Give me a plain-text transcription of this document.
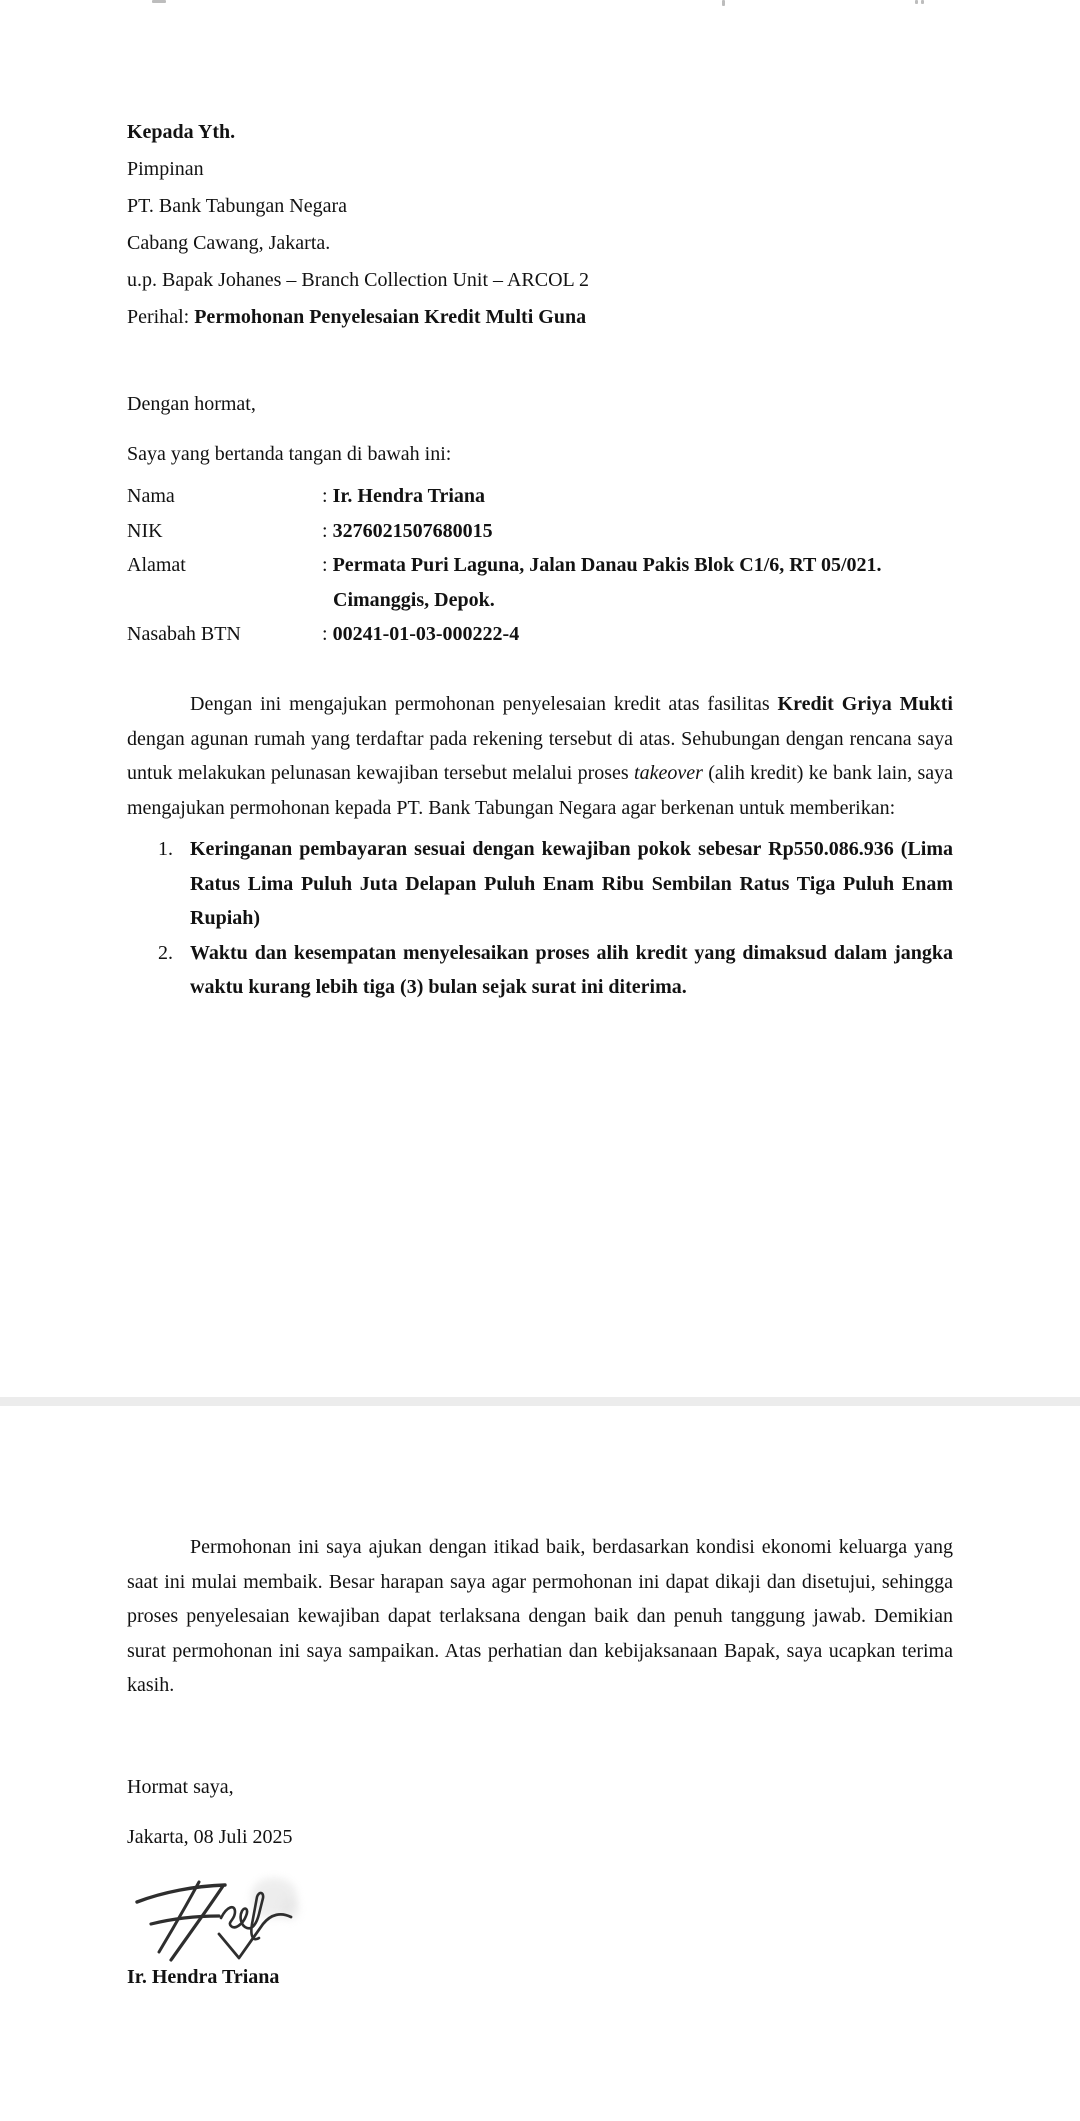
Kepada Yth.
Pimpinan
PT. Bank Tabungan Negara
Cabang Cawang, Jakarta.
u.p. Bapak Johanes – Branch Collection Unit – ARCOL 2
Perihal: Permohonan Penyelesaian Kredit Multi Guna
Dengan hormat,
Saya yang bertanda tangan di bawah ini:
Nama	: Ir. Hendra Triana
NIK	: 3276021507680015
Alamat	: Permata Puri Laguna, Jalan Danau Pakis Blok C1/6, RT 05/021.
Cimanggis, Depok.
Nasabah BTN	: 00241-01-03-000222-4
Dengan ini mengajukan permohonan penyelesaian kredit atas fasilitas Kredit Griya Mukti dengan agunan rumah yang terdaftar pada rekening tersebut di atas. Sehubungan dengan rencana saya untuk melakukan pelunasan kewajiban tersebut melalui proses takeover (alih kredit) ke bank lain, saya mengajukan permohonan kepada PT. Bank Tabungan Negara agar berkenan untuk memberikan:
1. Keringanan pembayaran sesuai dengan kewajiban pokok sebesar Rp550.086.936 (Lima Ratus Lima Puluh Juta Delapan Puluh Enam Ribu Sembilan Ratus Tiga Puluh Enam Rupiah)
2. Waktu dan kesempatan menyelesaikan proses alih kredit yang dimaksud dalam jangka waktu kurang lebih tiga (3) bulan sejak surat ini diterima.
Permohonan ini saya ajukan dengan itikad baik, berdasarkan kondisi ekonomi keluarga yang saat ini mulai membaik. Besar harapan saya agar permohonan ini dapat dikaji dan disetujui, sehingga proses penyelesaian kewajiban dapat terlaksana dengan baik dan penuh tanggung jawab. Demikian surat permohonan ini saya sampaikan. Atas perhatian dan kebijaksanaan Bapak, saya ucapkan terima kasih.
Hormat saya,
Jakarta, 08 Juli 2025
Ir. Hendra Triana
